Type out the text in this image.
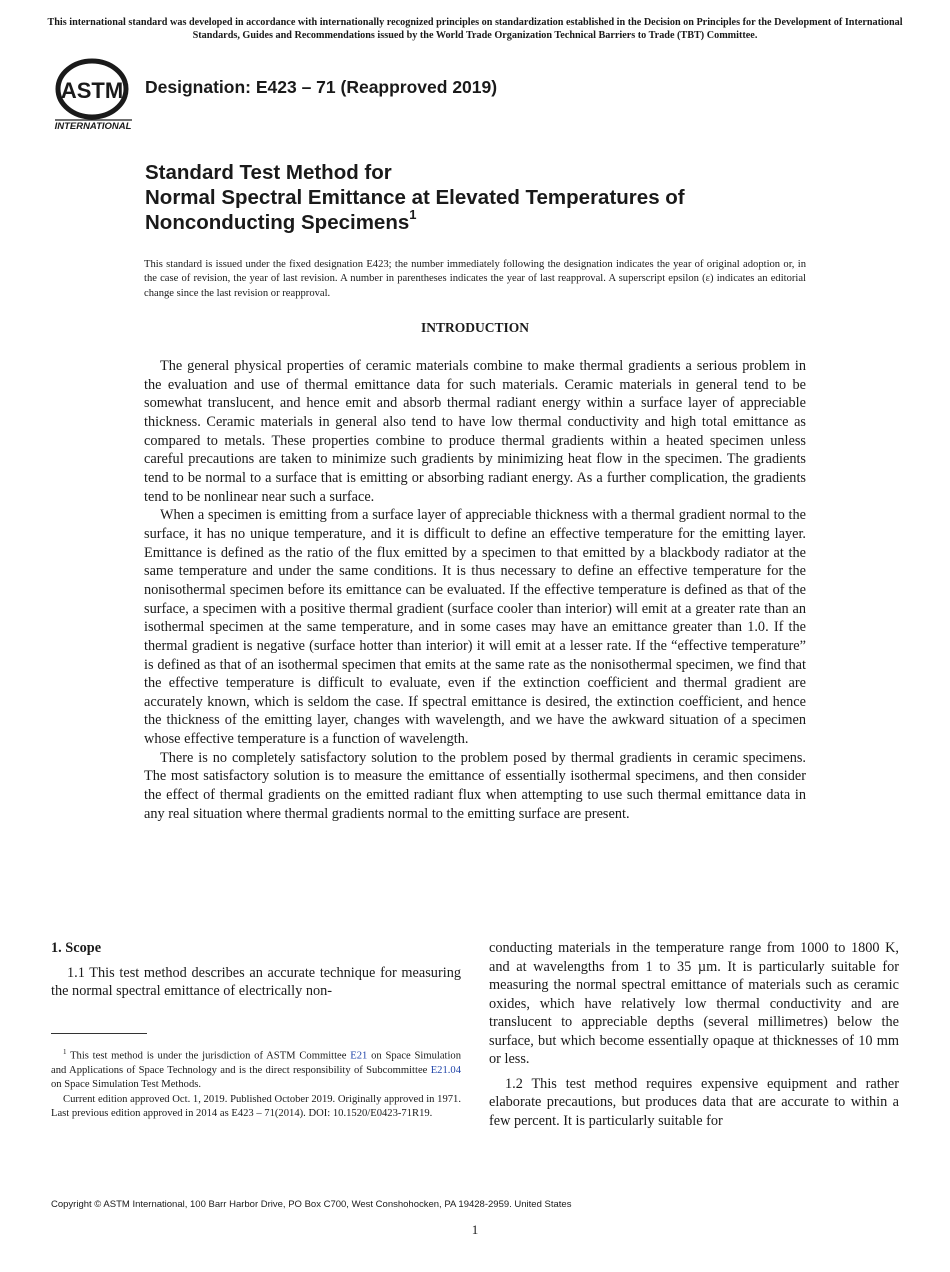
This international standard was developed in accordance with internationally recognized principles on standardization established in the Decision on Principles for the Development of International Standards, Guides and Recommendations issued by the World Trade Organization Technical Barriers to Trade (TBT) Committee.
ASTM
INTERNATIONAL
Designation: E423 – 71 (Reapproved 2019)
Standard Test Method for
Normal Spectral Emittance at Elevated Temperatures of
Nonconducting Specimens$^1$
This standard is issued under the fixed designation E423; the number immediately following the designation indicates the year of original adoption or, in the case of revision, the year of last revision. A number in parentheses indicates the year of last reapproval. A superscript epsilon (ε) indicates an editorial change since the last revision or reapproval.
INTRODUCTION

The general physical properties of ceramic materials combine to make thermal gradients a serious problem in the evaluation and use of thermal emittance data for such materials. Ceramic materials in general tend to be somewhat translucent, and hence emit and absorb thermal radiant energy within a surface layer of appreciable thickness. Ceramic materials in general also tend to have low thermal conductivity and high total emittance as compared to metals. These properties combine to produce thermal gradients within a heated specimen unless careful precautions are taken to minimize such gradients by minimizing heat flow in the specimen. The gradients tend to be normal to a surface that is emitting or absorbing radiant energy. As a further complication, the gradients tend to be nonlinear near such a surface.

When a specimen is emitting from a surface layer of appreciable thickness with a thermal gradient normal to the surface, it has no unique temperature, and it is difficult to define an effective temperature for the emitting layer. Emittance is defined as the ratio of the flux emitted by a specimen to that emitted by a blackbody radiator at the same temperature and under the same conditions. It is thus necessary to define an effective temperature for the nonisothermal specimen before its emittance can be evaluated. If the effective temperature is defined as that of the surface, a specimen with a positive thermal gradient (surface cooler than interior) will emit at a greater rate than an isothermal specimen at the same temperature, and in some cases may have an emittance greater than 1.0. If the thermal gradient is negative (surface hotter than interior) it will emit at a lesser rate. If the “effective temperature” is defined as that of an isothermal specimen that emits at the same rate as the nonisothermal specimen, we find that the effective temperature is difficult to evaluate, even if the extinction coefficient and thermal gradient are accurately known, which is seldom the case. If spectral emittance is desired, the extinction coefficient, and hence the thickness of the emitting layer, changes with wavelength, and we have the awkward situation of a specimen whose effective temperature is a function of wavelength.

There is no completely satisfactory solution to the problem posed by thermal gradients in ceramic specimens. The most satisfactory solution is to measure the emittance of essentially isothermal specimens, and then consider the effect of thermal gradients on the emitted radiant flux when attempting to use such thermal emittance data in any real situation where thermal gradients normal to the emitting surface are present.

1. Scope

1.1 This test method describes an accurate technique for measuring the normal spectral emittance of electrically non-

$^1$ This test method is under the jurisdiction of ASTM Committee E21 on Space Simulation and Applications of Space Technology and is the direct responsibility of Subcommittee E21.04 on Space Simulation Test Methods.

Current edition approved Oct. 1, 2019. Published October 2019. Originally approved in 1971. Last previous edition approved in 2014 as E423 – 71(2014). DOI: 10.1520/E0423-71R19.

conducting materials in the temperature range from 1000 to 1800 K, and at wavelengths from 1 to 35 µm. It is particularly suitable for measuring the normal spectral emittance of materials such as ceramic oxides, which have relatively low thermal conductivity and are translucent to appreciable depths (several millimetres) below the surface, but which become essentially opaque at thicknesses of 10 mm or less.

1.2 This test method requires expensive equipment and rather elaborate precautions, but produces data that are accurate to within a few percent. It is particularly suitable for

Copyright © ASTM International, 100 Barr Harbor Drive, PO Box C700, West Conshohocken, PA 19428-2959. United States
1
